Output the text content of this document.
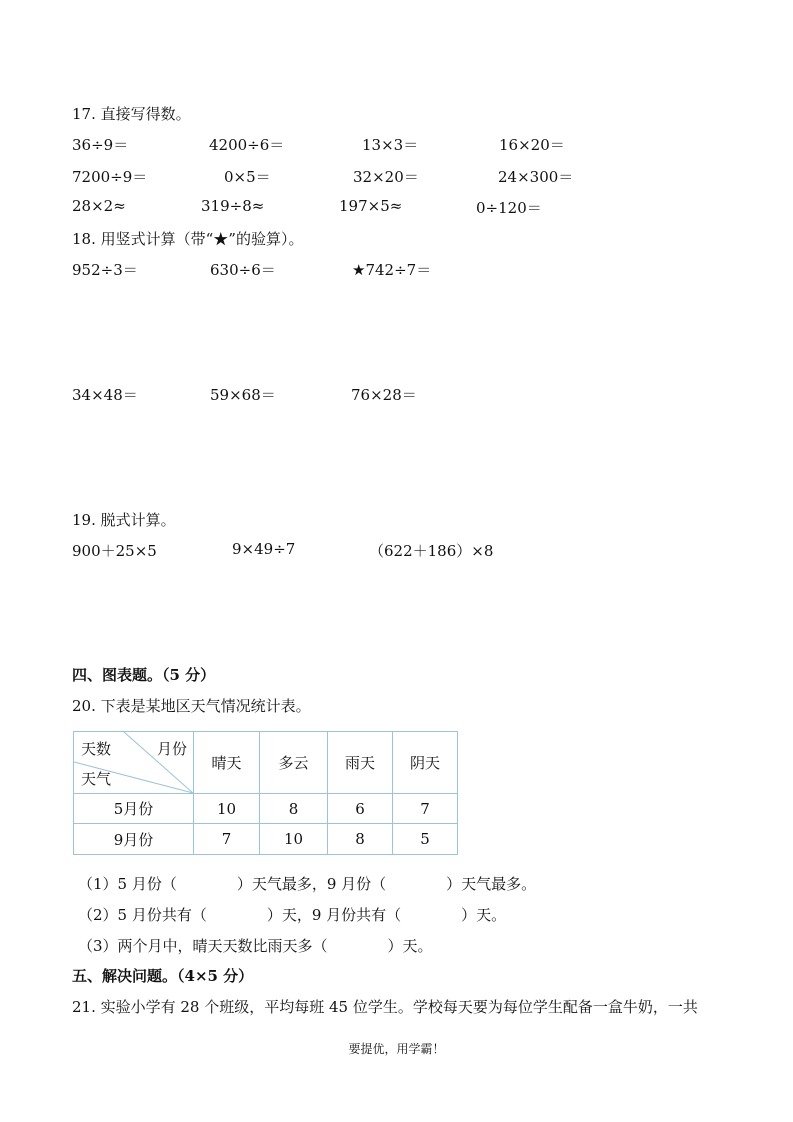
17. 直接写得数。
36÷9＝	4200÷6＝	13×3＝	16×20＝
7200÷9＝	0×5＝	32×20＝	24×300＝
28×2≈	319÷8≈	197×5≈	0÷120＝
18. 用竖式计算（带“★”的验算）。
952÷3＝	630÷6＝	★742÷7＝
34×48＝	59×68＝	76×28＝
19. 脱式计算。
900＋25×5	9×49÷7	（622＋186）×8
四、图表题。（5 分）
20. 下表是某地区天气情况统计表。
天数 月份
天气	晴天	多云	雨天	阴天
5月份	10	8	6	7
9月份	7	10	8	5
（1）5 月份（　　　　）天气最多，9 月份（　　　　）天气最多。
（2）5 月份共有（　　　　）天，9 月份共有（　　　　）天。
（3）两个月中，晴天天数比雨天多（　　　　）天。
五、解决问题。（4×5 分）
21. 实验小学有 28 个班级，平均每班 45 位学生。学校每天要为每位学生配备一盒牛奶，一共
要提优，用学霸！
